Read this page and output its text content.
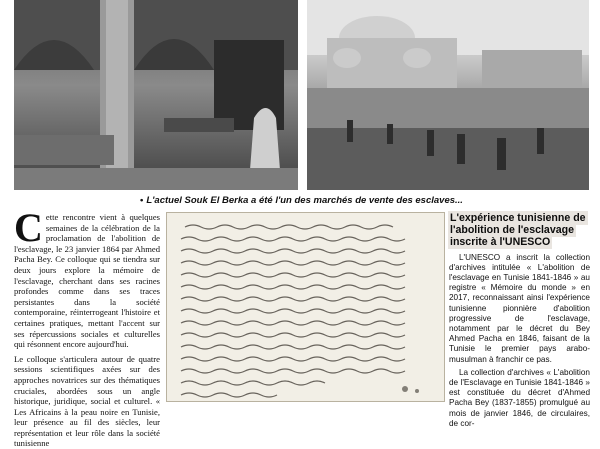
• L'actuel Souk El Berka a été l'un des marchés de vente des esclaves...
C ette rencontre vient à quelques semaines de la célébration de la proclamation de l'abolition de l'esclavage, le 23 janvier 1864 par Ahmed Pacha Bey. Ce colloque qui se tiendra sur deux jours explore la mémoire de l'esclavage, cherchant dans ses racines profondes comme dans ses traces persistantes dans la société contemporaine, réinterrogeant l'histoire et certaines pratiques, mettant l'accent sur ses répercussions sociales et culturelles qui résonnent encore aujourd'hui.

Le colloque s'articulera autour de quatre sessions scientifiques axées sur des approches novatrices sur des thématiques cruciales, abordées sous un angle historique, juridique, social et culturel. « Les Africains à la peau noire en Tunisie, leur présence au fil des siècles, leur représentation et leur rôle dans la société tunisienne

L'expérience tunisienne de
l'abolition de l'esclavage
inscrite à l'UNESCO

L'UNESCO a inscrit la collection d'archives intitulée « L'abolition de l'esclavage en Tunisie 1841-1846 » au registre « Mémoire du monde » en 2017, reconnaissant ainsi l'expérience tunisienne pionnière d'abolition progressive de l'esclavage, notamment par le décret du Bey Ahmed Pacha en 1846, faisant de la Tunisie le premier pays arabo-musulman à franchir ce pas.

La collection d'archives « L'abolition de l'Esclavage en Tunisie 1841-1846 » est constituée du décret d'Ahmed Pacha Bey (1837-1855) promulgué au mois de janvier 1846, de circulaires, de cor-
